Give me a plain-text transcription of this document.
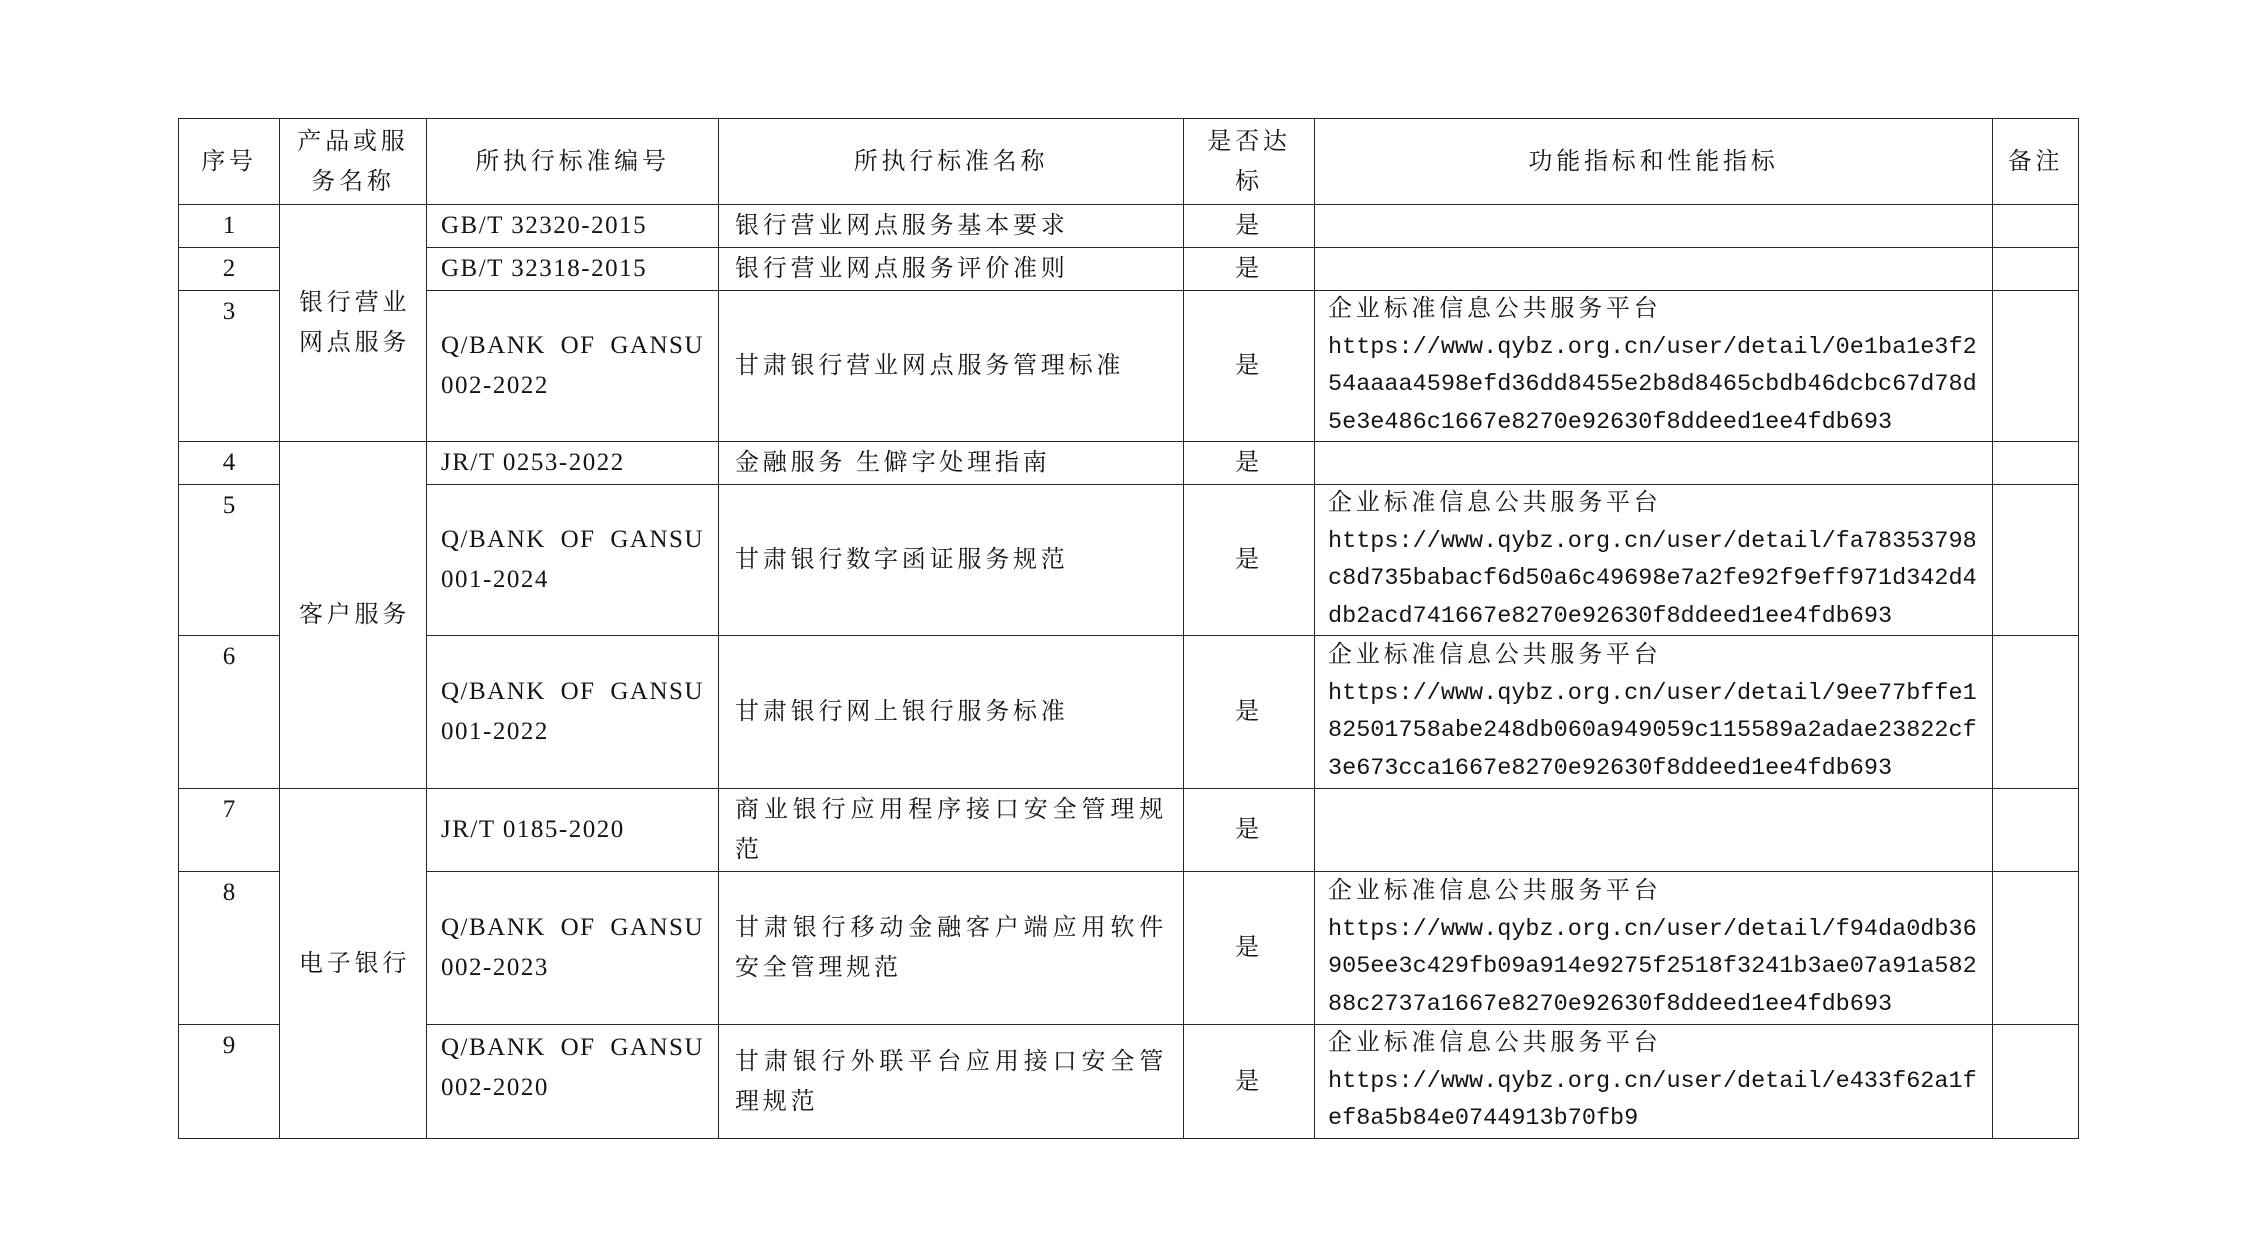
序号	产品或服务名称	所执行标准编号	所执行标准名称	是否达标	功能指标和性能指标	备注
1	银行营业网点服务	GB/T 32320-2015	银行营业网点服务基本要求	是		
2		GB/T 32318-2015	银行营业网点服务评价准则	是		
3		Q/BANK OF GANSU 002-2022	甘肃银行营业网点服务管理标准	是	企业标准信息公共服务平台
https://www.qybz.org.cn/user/detail/0e1ba1e3f254aaaa4598efd36dd8455e2b8d8465cbdb46dcbc67d78d5e3e486c1667e8270e92630f8ddeed1ee4fdb693	

4	客户服务	JR/T 0253-2022	金融服务 生僻字处理指南	是		
5		Q/BANK OF GANSU 001-2024	甘肃银行数字函证服务规范	是	企业标准信息公共服务平台
https://www.qybz.org.cn/user/detail/fa78353798c8d735babacf6d50a6c49698e7a2fe92f9eff971d342d4db2acd741667e8270e92630f8ddeed1ee4fdb693	

6		Q/BANK OF GANSU 001-2022	甘肃银行网上银行服务标准	是	企业标准信息公共服务平台
https://www.qybz.org.cn/user/detail/9ee77bffe182501758abe248db060a949059c115589a2adae23822cf3e673cca1667e8270e92630f8ddeed1ee4fdb693	

7	电子银行	JR/T 0185-2020	商业银行应用程序接口安全管理规范	是		
8		Q/BANK OF GANSU 002-2023	甘肃银行移动金融客户端应用软件安全管理规范	是	企业标准信息公共服务平台
https://www.qybz.org.cn/user/detail/f94da0db36905ee3c429fb09a914e9275f2518f3241b3ae07a91a58288c2737a1667e8270e92630f8ddeed1ee4fdb693	

9		Q/BANK OF GANSU 002-2020	甘肃银行外联平台应用接口安全管理规范	是	企业标准信息公共服务平台
https://www.qybz.org.cn/user/detail/e433f62a1fef8a5b84e0744913b70fb9	
